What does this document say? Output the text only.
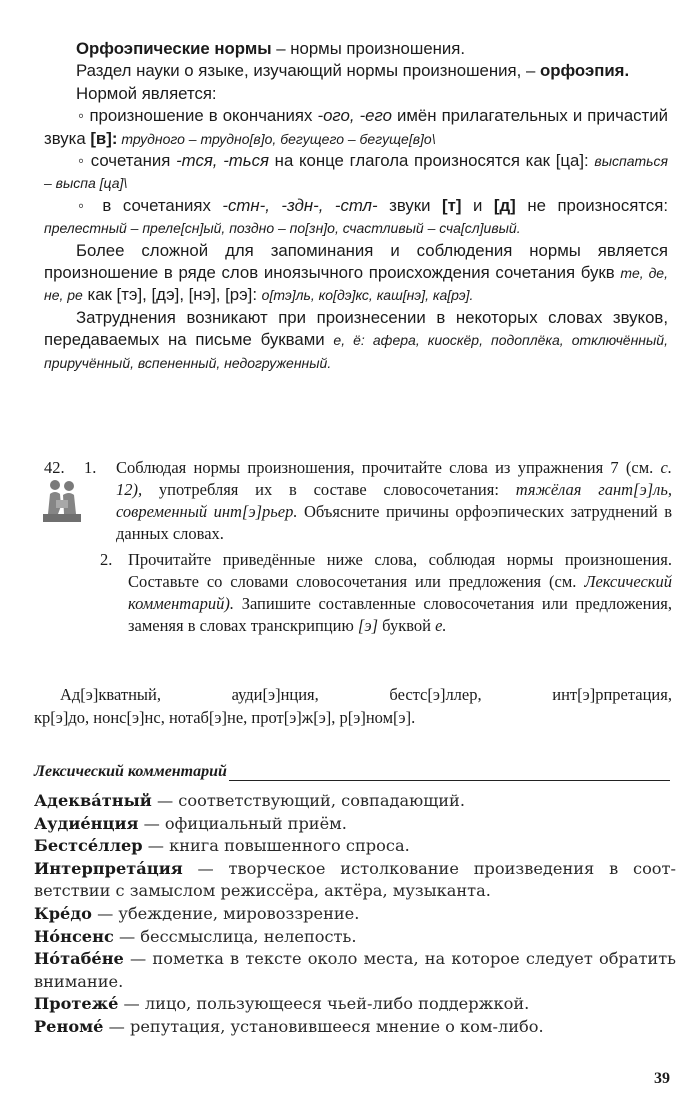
Орфоэпические нормы – нормы произношения.

Раздел науки о языке, изучающий нормы произношения, – орфоэпия.

Нормой является:

◦ произношение в окончаниях -ого, -его имён прилагательных и причастий звука [в]: трудного – трудно[в]о, бегущего – бегуще[в]о\

◦ сочетания -тся, -ться на конце глагола произносятся как [ца]: выспаться – выспа [ца]\

◦ в сочетаниях -стн-, -здн-, -стл- звуки [т] и [д] не произносятся: прелестный – преле[сн]ый, поздно – по[зн]о, счастливый – сча[сл]ивый.

Более сложной для запоминания и соблюдения нормы является произношение в ряде слов иноязычного происхождения сочетания букв те, де, не, ре как [тэ], [дэ], [нэ], [рэ]: о[тэ]ль, ко[дэ]кс, каш[нэ], ка[рэ].

Затруднения возникают при произнесении в некоторых словах звуков, передаваемых на письме буквами е, ё: афера, киоскёр, подоплёка, отключённый, приручённый, вспененный, недогруженный.

42. 1. Соблюдая нормы произношения, прочитайте слова из упражнения 7 (см. с. 12), употребляя их в составе словосочетания: тяжёлая гант[э]ль, современный инт[э]рьер. Объясните причины орфоэпических затруднений в данных словах.

2. Прочитайте приведённые ниже слова, соблюдая нормы произношения. Составьте со словами словосочетания или предложения (см. Лексический комментарий). Запишите составленные словосочетания или предложения, заменяя в словах транскрипцию [э] буквой е.

Ад[э]кватный,	ауди[э]нция,	бестс[э]ллер,	инт[э]рпретация,
кр[э]до, нонс[э]нс, нотаб[э]не, прот[э]ж[э], р[э]ном[э].
Лексический комментарий

Адеква́тный — соответствующий, совпадающий.

Аудие́нция — официальный приём.

Бестсе́ллер — книга повышенного спроса.

Интерпрета́ция — творческое истолкование произведения в соответствии с замыслом режиссёра, актёра, музыканта.

Кре́до — убеждение, мировоззрение.

Но́нсенс — бессмыслица, нелепость.

Но́табе́не — пометка в тексте около места, на которое следует обратить внимание.

Протеже́ — лицо, пользующееся чьей-либо поддержкой.

Реноме́ — репутация, установившееся мнение о ком-либо.

39
